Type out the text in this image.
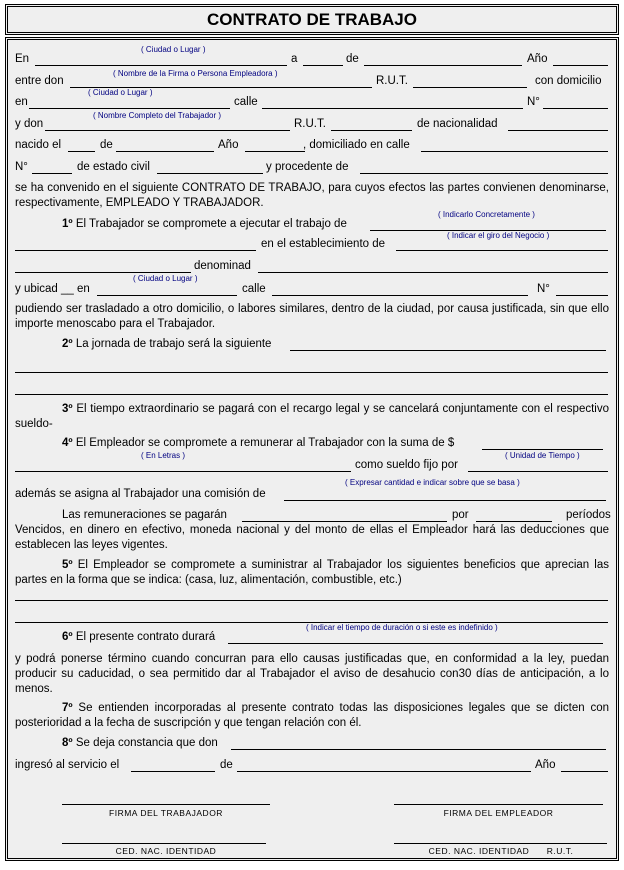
CONTRATO DE TRABAJO
( Ciudad o Lugar )
En	a	de	Año
( Nombre de la Firma o Persona Empleadora )
entre don	R.U.T.	con domicilio
( Ciudad o Lugar )
en	calle	N°
( Nombre Completo del Trabajador )
y don	R.U.T.	de nacionalidad
nacido el	de	Año	, domiciliado en calle
N°	de estado civil	y procedente de
se ha convenido en el siguiente CONTRATO DE TRABAJO, para cuyos efectos las partes convienen denominarse, respectivamente, EMPLEADO Y TRABAJADOR.
( Indicarlo Concretamente )
1º El Trabajador se compromete a ejecutar el trabajo de
( Indicar el giro del Negocio )
en el establecimiento de
denominad
( Ciudad o Lugar )
y ubicad __ en	calle	N°
pudiendo ser trasladado a otro domicilio, o labores similares, dentro de la ciudad, por causa justificada, sin que ello importe menoscabo para el Trabajador.
2º La jornada de trabajo será la siguiente
3º El tiempo extraordinario se pagará con el recargo legal y se cancelará conjuntamente con el respectivo sueldo-
4º El Empleador se compromete a remunerar al Trabajador con la suma de $
( En Letras )	( Unidad de Tiempo )
como sueldo fijo por
( Expresar cantidad e indicar sobre que se basa )
además se asigna al Trabajador una comisión de
Las remuneraciones se pagarán	por	períodos
Vencidos, en dinero en efectivo, moneda nacional y del monto de ellas el Empleador hará las deducciones que establecen las leyes vigentes.
5º El Empleador se compromete a suministrar al Trabajador los siguientes beneficios que aprecian las partes en la forma que se indica: (casa, luz, alimentación, combustible, etc.)
( Indicar el tiempo de duración o si este es indefinido )
6º El presente contrato durará
y podrá ponerse término cuando concurran para ello causas justificadas que, en conformidad a la ley, puedan producir su caducidad, o sea permitido dar al Trabajador el aviso de desahucio con30 días de anticipación, a lo menos.
7º Se entienden incorporadas al presente contrato todas las disposiciones legales que se dicten con posterioridad a la fecha de suscripción y que tengan relación con él.
8º Se deja constancia que don
ingresó al servicio el	de	Año
FIRMA DEL TRABAJADOR	FIRMA DEL EMPLEADOR
CED. NAC. IDENTIDAD	CED. NAC. IDENTIDAD	R.U.T.
